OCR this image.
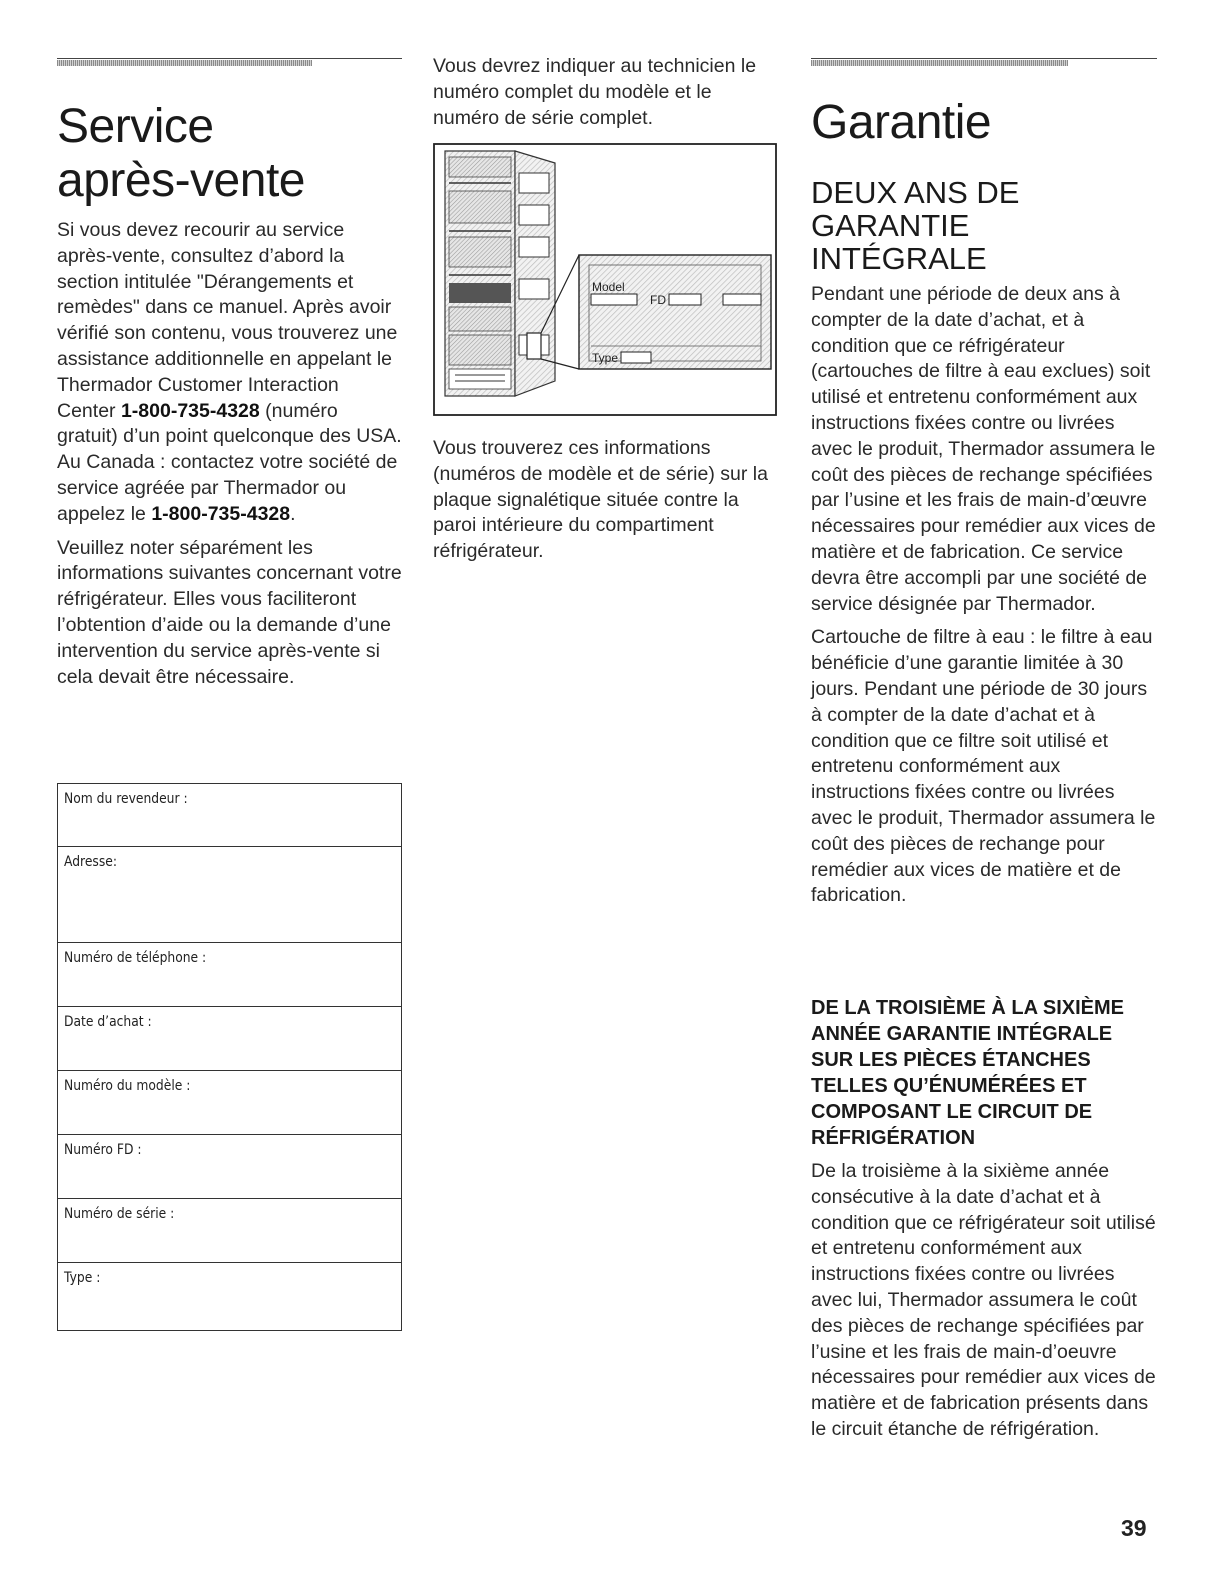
Service
après-vente

Si vous devez recourir au service après-vente, consultez d’abord la section intitulée "Dérangements et remèdes" dans ce manuel. Après avoir vérifié son contenu, vous trouverez une assistance additionnelle en appelant le Thermador Customer Interaction Center 1-800-735-4328 (numéro gratuit) d’un point quelconque des USA.
Au Canada : contactez votre société de service agréée par Thermador ou appelez le 1-800-735-4328.

Veuillez noter séparément les informations suivantes concernant votre réfrigérateur. Elles vous faciliteront l’obtention d’aide ou la demande d’une intervention du service après-vente si cela devait être nécessaire.

Nom du revendeur :
Adresse:
Numéro de téléphone :
Date d’achat :
Numéro du modèle :
Numéro FD :
Numéro de série :
Type :
Vous devrez indiquer au technicien le numéro complet du modèle et le numéro de série complet.
Model
FD
Type
Vous trouverez ces informations (numéros de modèle et de série) sur la plaque signalétique située contre la paroi intérieure du compartiment réfrigérateur.
Garantie
DEUX ANS DE
GARANTIE
INTÉGRALE

Pendant une période de deux ans à compter de la date d’achat, et à condition que ce réfrigérateur (cartouches de filtre à eau exclues) soit utilisé et entretenu conformément aux instructions fixées contre ou livrées avec le produit, Thermador assumera le coût des pièces de rechange spécifiées par l’usine et les frais de main-d’œuvre nécessaires pour remédier aux vices de matière et de fabrication. Ce service devra être accompli par une société de service désignée par Thermador.

Cartouche de filtre à eau : le filtre à eau bénéficie d’une garantie limitée à 30 jours. Pendant une période de 30 jours à compter de la date d’achat et à condition que ce filtre soit utilisé et entretenu conformément aux instructions fixées contre ou livrées avec le produit, Thermador assumera le coût des pièces de rechange pour remédier aux vices de matière et de fabrication.

DE LA TROISIÈME À LA SIXIÈME ANNÉE GARANTIE INTÉGRALE SUR LES PIÈCES ÉTANCHES TELLES QU’ÉNUMÉRÉES ET COMPOSANT LE CIRCUIT DE RÉFRIGÉRATION

De la troisième à la sixième année consécutive à la date d’achat et à condition que ce réfrigérateur soit utilisé et entretenu conformément aux instructions fixées contre ou livrées avec lui, Thermador assumera le coût des pièces de rechange spécifiées par l’usine et les frais de main-d’oeuvre nécessaires pour remédier aux vices de matière et de fabrication présents dans le circuit étanche de réfrigération.

39
